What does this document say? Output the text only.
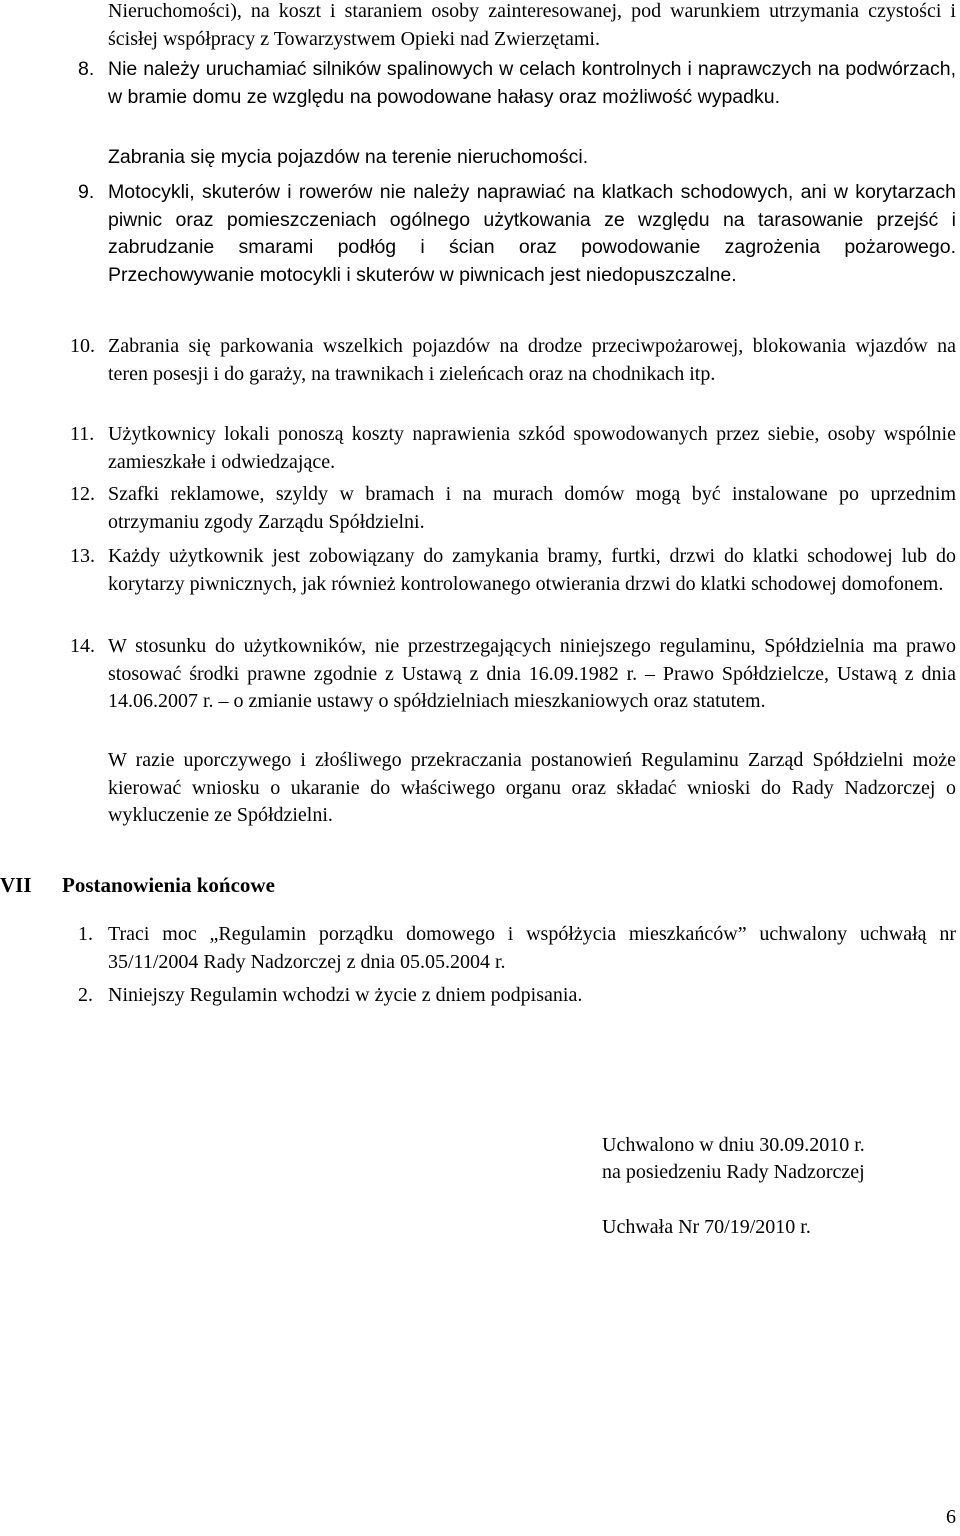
Nieruchomości), na koszt i staraniem osoby zainteresowanej, pod warunkiem utrzymania czystości i ścisłej współpracy z Towarzystwem Opieki nad Zwierzętami.

8. Nie należy uruchamiać silników spalinowych w celach kontrolnych i naprawczych na podwórzach, w bramie domu ze względu na powodowane hałasy oraz możliwość wypadku.

Zabrania się mycia pojazdów na terenie nieruchomości.

9. Motocykli, skuterów i rowerów nie należy naprawiać na klatkach schodowych, ani w korytarzach piwnic oraz pomieszczeniach ogólnego użytkowania ze względu na tarasowanie przejść i zabrudzanie smarami podłóg i ścian oraz powodowanie zagrożenia pożarowego. Przechowywanie motocykli i skuterów w piwnicach jest niedopuszczalne.

10. Zabrania się parkowania wszelkich pojazdów na drodze przeciwpożarowej, blokowania wjazdów na teren posesji i do garaży, na trawnikach i zieleńcach oraz na chodnikach itp.

11. Użytkownicy lokali ponoszą koszty naprawienia szkód spowodowanych przez siebie, osoby wspólnie zamieszkałe i odwiedzające.

12. Szafki reklamowe, szyldy w bramach i na murach domów mogą być instalowane po uprzednim otrzymaniu zgody Zarządu Spółdzielni.

13. Każdy użytkownik jest zobowiązany do zamykania bramy, furtki, drzwi do klatki schodowej lub do korytarzy piwnicznych, jak również kontrolowanego otwierania drzwi do klatki schodowej domofonem.

14. W stosunku do użytkowników, nie przestrzegających niniejszego regulaminu, Spółdzielnia ma prawo stosować środki prawne zgodnie z Ustawą z dnia 16.09.1982 r. – Prawo Spółdzielcze, Ustawą z dnia 14.06.2007 r. – o zmianie ustawy o spółdzielniach mieszkaniowych oraz statutem.

W razie uporczywego i złośliwego przekraczania postanowień Regulaminu Zarząd Spółdzielni może kierować wniosku o ukaranie do właściwego organu oraz składać wnioski do Rady Nadzorczej o wykluczenie ze Spółdzielni.

VII Postanowienia końcowe
1. Traci moc „Regulamin porządku domowego i współżycia mieszkańców” uchwalony uchwałą nr 35/11/2004 Rady Nadzorczej z dnia 05.05.2004 r.

2. Niniejszy Regulamin wchodzi w życie z dniem podpisania.

Uchwalono w dniu 30.09.2010 r.
na posiedzeniu Rady Nadzorczej
Uchwała Nr 70/19/2010 r.
6
